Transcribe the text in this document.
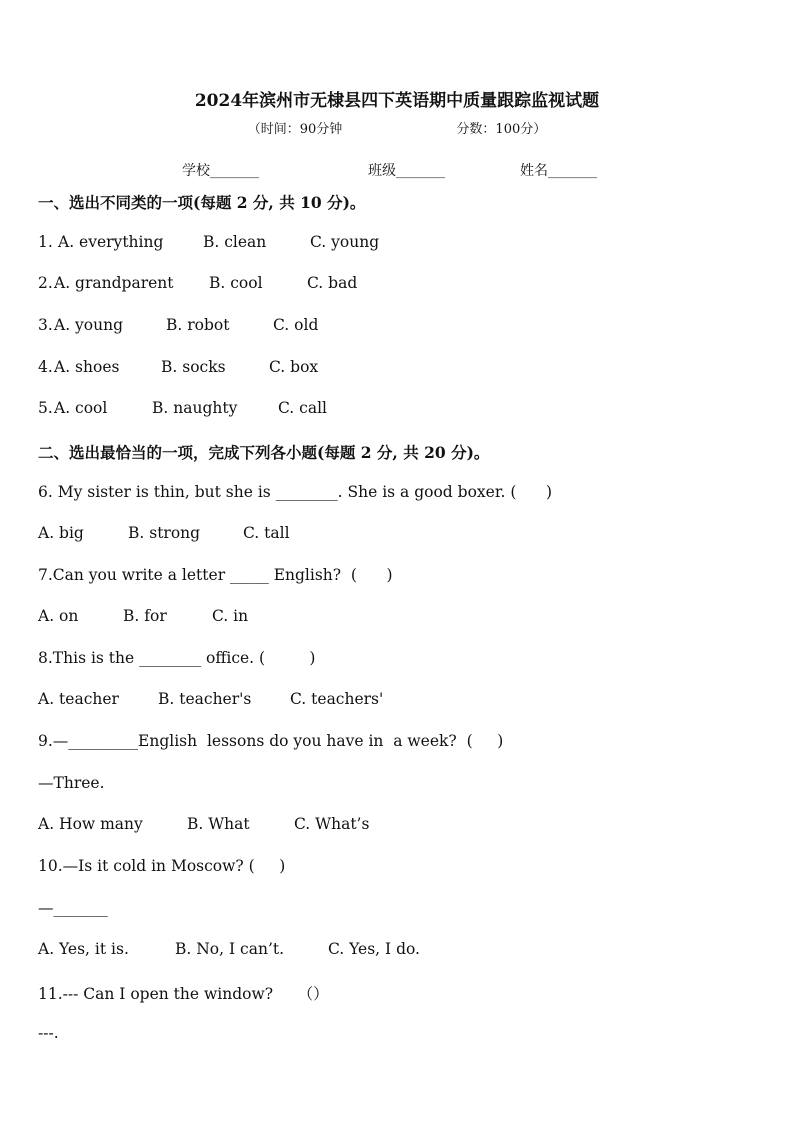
2024年滨州市无棣县四下英语期中质量跟踪监视试题
（时间：90分钟	分数：100分）
学校_______	班级_______	姓名_______
一、选出不同类的一项(每题 2 分, 共 10 分)。
1. A. everything	B. clean	C. young
2.A. grandparent B. cool	C. bad
3.A. young	B. robot	C. old
4.A. shoes	B. socks	C. box
5.A. cool	B. naughty	C. call
二、选出最恰当的一项，完成下列各小题(每题 2 分, 共 20 分)。
6. My sister is thin, but she is ________. She is a good boxer. (      )
A. big	B. strong	C. tall
7.Can you write a letter _____ English?  (      )
A. on	B. for	C. in
8.This is the ________ office. (         )
A. teacher	B. teacher's C. teachers'
9.—_________English  lessons do you have in  a week?  (     )
—Three.
A. How many	B. What	C. What’s
10.—Is it cold in Moscow? (     )
—_______
A. Yes, it is.	B. No, I can’t.	C. Yes, I do.
11.--- Can I open the window?     （）
---.
